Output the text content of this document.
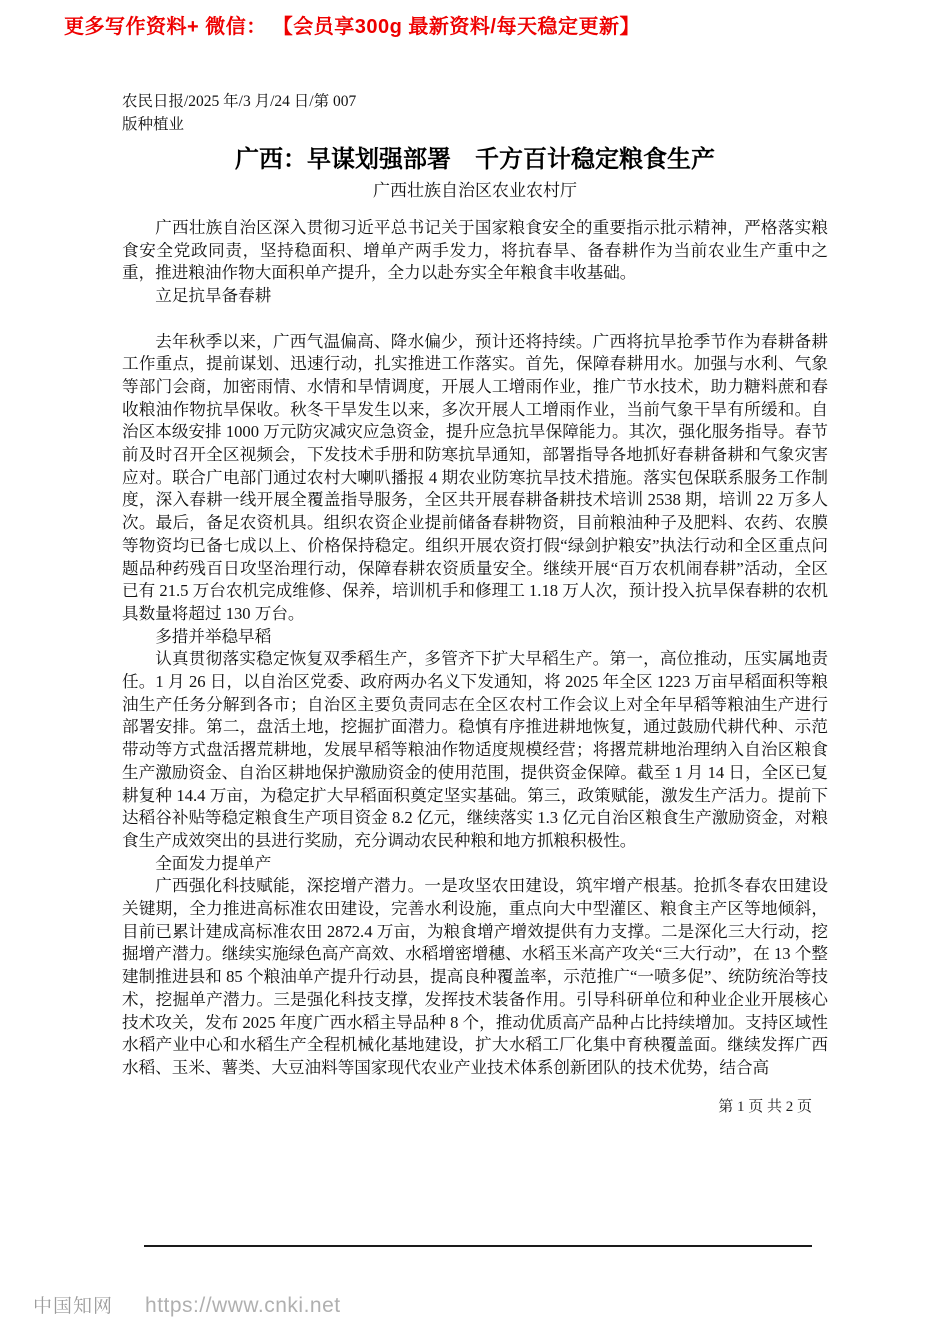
更多写作资料+ 微信： 【会员享300g 最新资料/每天稳定更新】
农民日报/2025 年/3 月/24 日/第 007
版种植业
广西：早谋划强部署　千方百计稳定粮食生产
广西壮族自治区农业农村厅

广西壮族自治区深入贯彻习近平总书记关于国家粮食安全的重要指示批示精神，严格落实粮食安全党政同责，坚持稳面积、增单产两手发力，将抗春旱、备春耕作为当前农业生产重中之重，推进粮油作物大面积单产提升，全力以赴夯实全年粮食丰收基础。

立足抗旱备春耕

去年秋季以来，广西气温偏高、降水偏少，预计还将持续。广西将抗旱抢季节作为春耕备耕工作重点，提前谋划、迅速行动，扎实推进工作落实。首先，保障春耕用水。加强与水利、气象等部门会商，加密雨情、水情和旱情调度，开展人工增雨作业，推广节水技术，助力糖料蔗和春收粮油作物抗旱保收。秋冬干旱发生以来，多次开展人工增雨作业，当前气象干旱有所缓和。自治区本级安排 1000 万元防灾减灾应急资金，提升应急抗旱保障能力。其次，强化服务指导。春节前及时召开全区视频会，下发技术手册和防寒抗旱通知，部署指导各地抓好春耕备耕和气象灾害应对。联合广电部门通过农村大喇叭播报 4 期农业防寒抗旱技术措施。落实包保联系服务工作制度，深入春耕一线开展全覆盖指导服务，全区共开展春耕备耕技术培训 2538 期，培训 22 万多人次。最后，备足农资机具。组织农资企业提前储备春耕物资，目前粮油种子及肥料、农药、农膜等物资均已备七成以上、价格保持稳定。组织开展农资打假“绿剑护粮安”执法行动和全区重点问题品种药残百日攻坚治理行动，保障春耕农资质量安全。继续开展“百万农机闹春耕”活动，全区已有 21.5 万台农机完成维修、保养，培训机手和修理工 1.18 万人次，预计投入抗旱保春耕的农机具数量将超过 130 万台。

多措并举稳早稻

认真贯彻落实稳定恢复双季稻生产，多管齐下扩大早稻生产。第一，高位推动，压实属地责任。1 月 26 日，以自治区党委、政府两办名义下发通知，将 2025 年全区 1223 万亩早稻面积等粮油生产任务分解到各市；自治区主要负责同志在全区农村工作会议上对全年早稻等粮油生产进行部署安排。第二，盘活土地，挖掘扩面潜力。稳慎有序推进耕地恢复，通过鼓励代耕代种、示范带动等方式盘活撂荒耕地，发展早稻等粮油作物适度规模经营；将撂荒耕地治理纳入自治区粮食生产激励资金、自治区耕地保护激励资金的使用范围，提供资金保障。截至 1 月 14 日，全区已复耕复种 14.4 万亩，为稳定扩大早稻面积奠定坚实基础。第三，政策赋能，激发生产活力。提前下达稻谷补贴等稳定粮食生产项目资金 8.2 亿元，继续落实 1.3 亿元自治区粮食生产激励资金，对粮食生产成效突出的县进行奖励，充分调动农民种粮和地方抓粮积极性。

全面发力提单产

广西强化科技赋能，深挖增产潜力。一是攻坚农田建设，筑牢增产根基。抢抓冬春农田建设关键期，全力推进高标准农田建设，完善水利设施，重点向大中型灌区、粮食主产区等地倾斜，目前已累计建成高标准农田 2872.4 万亩，为粮食增产增效提供有力支撑。二是深化三大行动，挖掘增产潜力。继续实施绿色高产高效、水稻增密增穗、水稻玉米高产攻关“三大行动”，在 13 个整建制推进县和 85 个粮油单产提升行动县，提高良种覆盖率，示范推广“一喷多促”、统防统治等技术，挖掘单产潜力。三是强化科技支撑，发挥技术装备作用。引导科研单位和种业企业开展核心技术攻关，发布 2025 年度广西水稻主导品种 8 个，推动优质高产品种占比持续增加。支持区域性水稻产业中心和水稻生产全程机械化基地建设，扩大水稻工厂化集中育秧覆盖面。继续发挥广西水稻、玉米、薯类、大豆油料等国家现代农业产业技术体系创新团队的技术优势，结合高

第 1 页 共 2 页
中国知网 https://www.cnki.net
